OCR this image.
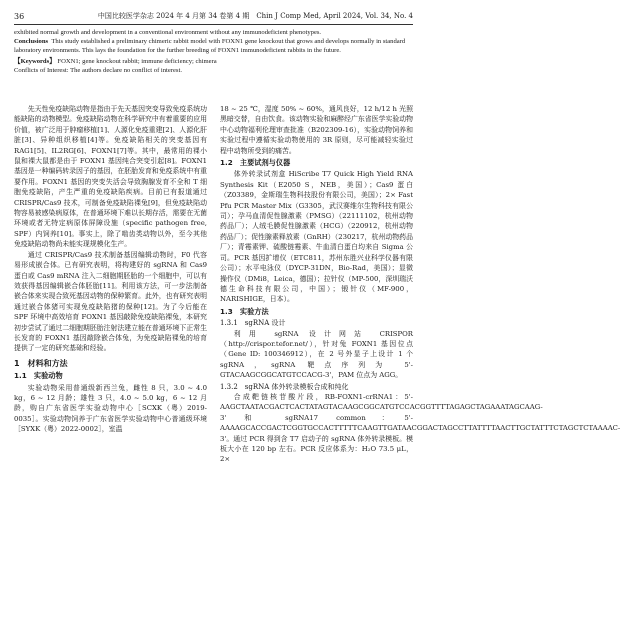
36	中国比较医学杂志 2024 年 4 月第 34 卷第 4 期　Chin J Comp Med, April 2024, Vol. 34, No. 4

exhibited normal growth and development in a conventional environment without any immunodeficient phenotypes.

Conclusions This study established a preliminary chimeric rabbit model with FOXN1 gene knockout that grows and develops normally in standard laboratory environments. This lays the foundation for the further breeding of FOXN1 immunodeficient rabbits in the future.

【Keywords】 FOXN1; gene knockout rabbit; immune deficiency; chimera

Conflicts of Interest: The authors declare no conflict of interest.

先天性免疫缺陷动物是指由于先天基因突变导致免疫系统功能缺陷的动物模型。免疫缺陷动物在科学研究中有着重要的应用价值，被广泛用于肿瘤移植[1]、人源化免疫重建[2]、人源化肝脏[3]、异种组织移植[4]等。免疫缺陷相关的突变基因有 RAG1[5]、IL2RG[6]、FOXN1[7]等。其中，最常用的裸小鼠和裸大鼠都是由于 FOXN1 基因纯合突变引起[8]。FOXN1 基因是一种编码转录因子的基因，在胚胎发育和免疫系统中有重要作用。FOXN1 基因的突变失活会导致胸腺发育不全和 T 细胞免疫缺陷，产生严重的免疫缺陷疾病。目前已有报道通过 CRISPR/Cas9 技术，可制备免疫缺陷裸兔[9]，但免疫缺陷动物容易被感染病原体，在普通环境下难以长期存活，需要在无菌环境或者无特定病原体屏障设施（specific pathogen free, SPF）内饲养[10]。事实上，除了啮齿类动物以外，至今其他免疫缺陷动物尚未能实现规模化生产。

通过 CRISPR/Cas9 技术制备基因编辑动物时，F0 代容易形成嵌合体。已有研究表明，将构建好的 sgRNA 和 Cas9 蛋白或 Cas9 mRNA 注入二细胞期胚胎的一个细胞中，可以有效获得基因编辑嵌合体胚胎[11]。利用该方法，可一步法制备嵌合体来实现合致死基因动物的保种繁育。此外，也有研究表明通过嵌合体猪可实现免疫缺陷猪的保种[12]。为了今后能在 SPF 环境中高效培育 FOXN1 基因敲除免疫缺陷裸兔，本研究初步尝试了通过二细胞期胚胎注射法建立能在普通环境下正常生长发育的 FOXN1 基因敲除嵌合体兔，为免疫缺陷裸兔的培育提供了一定的研究基础和经验。

1　材料和方法

1.1　实验动物

实验动物采用普通级新西兰兔，雌性 8 只，3.0 ~ 4.0 kg，6 ~ 12 月龄；雄性 3 只，4.0 ~ 5.0 kg，6 ~ 12 月龄，购自广东省医学实验动物中心［SCXK（粤）2019-0035］。实验动物饲养于广东省医学实验动物中心普通级环境［SYXK（粤）2022-0002］，室温

18 ~ 25 ℃，湿度 50% ~ 60%，通风良好，12 h/12 h 光照黑暗交替，自由饮食。该动物实验和麻醉经广东省医学实验动物中心动物福利伦理审查批准（B202309-16），实验动物饲养和实验过程中遵循实验动物使用的 3R 原则，尽可能减轻实验过程中动物所受到的痛苦。

1.2　主要试剂与仪器

体外转录试剂盒 HiScribe T7 Quick High Yield RNA Synthesis Kit（E2050 S，NEB，美国）；Cas9 蛋白（Z03389，金斯瑞生物科技股份有限公司，美国）；2× Fast Pfu PCR Master Mix（G3305，武汉赛维尔生物科技有限公司）；孕马血清促性腺激素（PMSG）（22111102，杭州动物药品厂）；人绒毛膜促性腺激素（HCG）（220912，杭州动物药品厂）；促性腺素释放素（GnRH）（230217，杭州动物药品厂）；青霉素钾、硫酸链霉素、牛血清白蛋白均来自 Sigma 公司。PCR 基因扩增仪（ETC811，苏州东胜兴业科学仪器有限公司）；水平电泳仪（DYCP-31DN，Bio-Rad，美国）；显微操作仪（DMi8，Leica，德国）；拉针仪（MP-500，深圳瑞沃德生命科技有限公司，中国）；锻针仪（MF-900，NARISHIGE，日本）。

1.3　实验方法

1.3.1　sgRNA 设计

利用 sgRNA 设计网站 CRISPOR（http://crispor.tefor.net/），针对兔 FOXN1 基因位点（Gene ID: 100346912），在 2 号外显子上设计 1 个 sgRNA，sgRNA 靶点序列为 5'-GTACAAGCGGCATGTCCACG-3'，PAM 位点为 AGG。

1.3.2　sgRNA 体外转录模板合成和纯化

合成靶链核苷酸片段，RB-FOXN1-crRNA1：5'-AAGCTAATACGACTCACTATAGTACAAGCGGCATGTCCACGGTTTTAGAGCTAGAAATAGCAAG-3' 和 sgRNA17 common：5'-AAAAGCACCGACTCGGTGCCACTTTTTCAAGTTGATAACGGACTAGCCTTATTTTAACTTGCTATTTCTAGCTCTAAAAC-3'。通过 PCR 得到含 T7 启动子的 sgRNA 体外转录模板。模板大小在 120 bp 左右。PCR 反应体系为：H₂O 73.5 μL，2×
